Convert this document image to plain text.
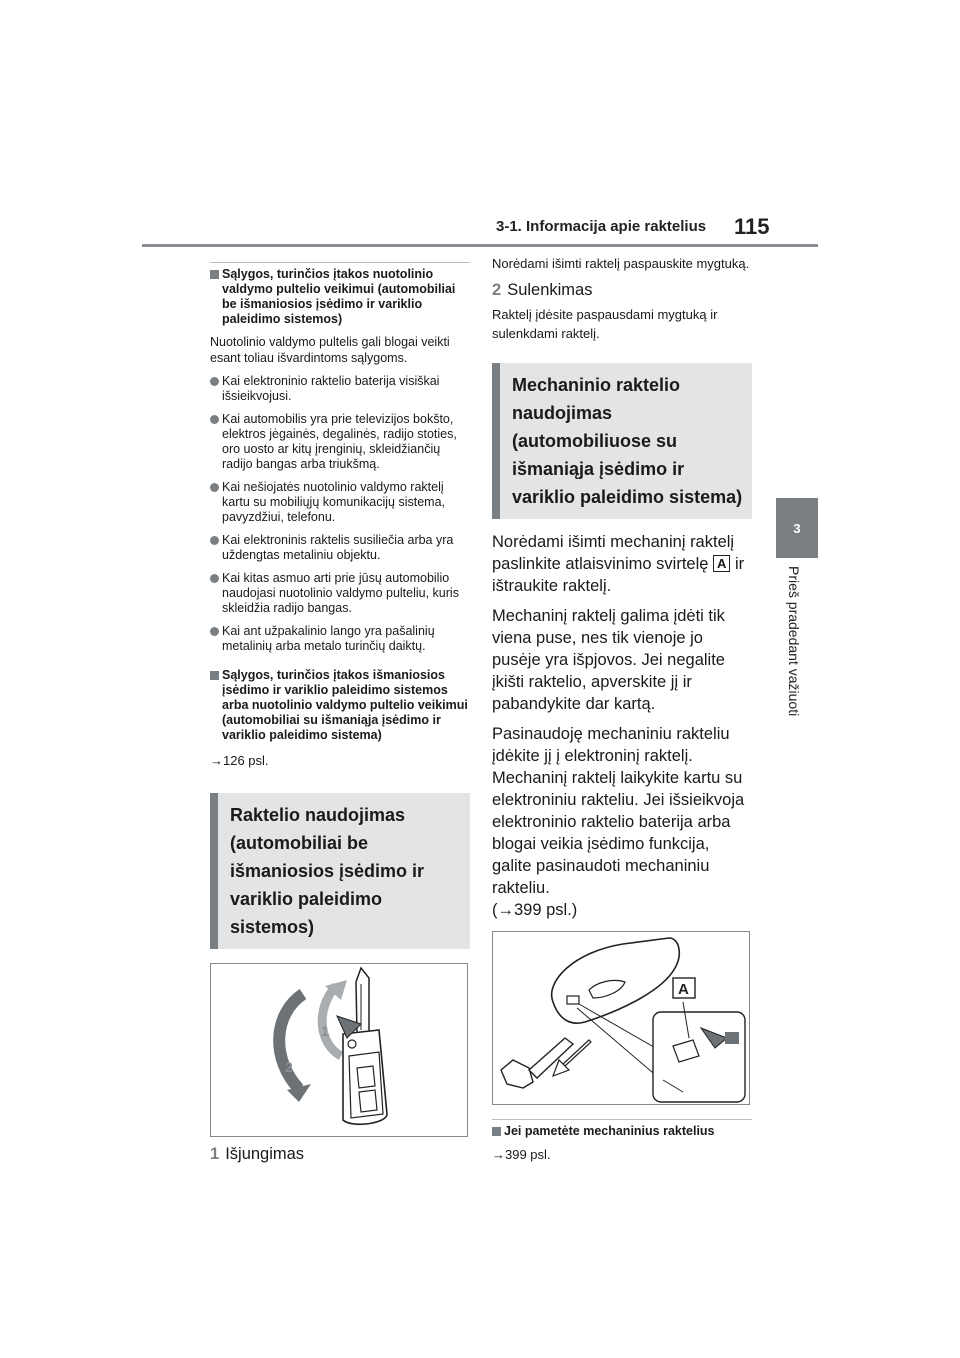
3-1. Informacija apie raktelius 115
3
Prieš pradedant važiuoti
Sąlygos, turinčios įtakos nuotolinio valdymo pultelio veikimui (automobiliai be išmaniosios įsėdimo ir variklio paleidimo sistemos)
Nuotolinio valdymo pultelis gali blogai veikti esant toliau išvardintoms sąlygoms.
Kai elektroninio raktelio baterija visiškai išsieikvojusi.
Kai automobilis yra prie televizijos bokšto, elektros jėgainės, degalinės, radijo stoties, oro uosto ar kitų įrenginių, skleidžiančių radijo bangas arba triukšmą.
Kai nešiojatės nuotolinio valdymo raktelį kartu su mobiliųjų komunikacijų sistema, pavyzdžiui, telefonu.
Kai elektroninis raktelis susiliečia arba yra uždengtas metaliniu objektu.
Kai kitas asmuo arti prie jūsų automobilio naudojasi nuotolinio valdymo pulteliu, kuris skleidžia radijo bangas.
Kai ant užpakalinio lango yra pašalinių metalinių arba metalo turinčių daiktų.
Sąlygos, turinčios įtakos išmaniosios įsėdimo ir variklio paleidimo sistemos arba nuotolinio valdymo pultelio veikimui (automobiliai su išmaniąja įsėdimo ir variklio paleidimo sistema)
→126 psl.
Raktelio naudojimas (automobiliai be išmaniosios įsėdimo ir variklio paleidimo sistemos)
1
2
1 Išjungimas
Norėdami išimti raktelį paspauskite mygtuką.
2 Sulenkimas
Raktelį įdėsite paspausdami mygtuką ir sulenkdami raktelį.
Mechaninio raktelio naudojimas (automobiliuose su išmaniąja įsėdimo ir variklio paleidimo sistema)
Norėdami išimti mechaninį raktelį paslinkite atlaisvinimo svirtelę A ir ištraukite raktelį.
Mechaninį raktelį galima įdėti tik viena puse, nes tik vienoje jo pusėje yra išpjovos. Jei negalite įkišti raktelio, apverskite jį ir pabandykite dar kartą.
Pasinaudoję mechaniniu rakteliu įdėkite jį į elektroninį raktelį. Mechaninį raktelį laikykite kartu su elektroniniu rakteliu. Jei išsieikvoja elektroninio raktelio baterija arba blogai veikia įsėdimo funkcija, galite pasinaudoti mechaniniu rakteliu.
(→399 psl.)
A
Jei pametėte mechaninius raktelius
→399 psl.
